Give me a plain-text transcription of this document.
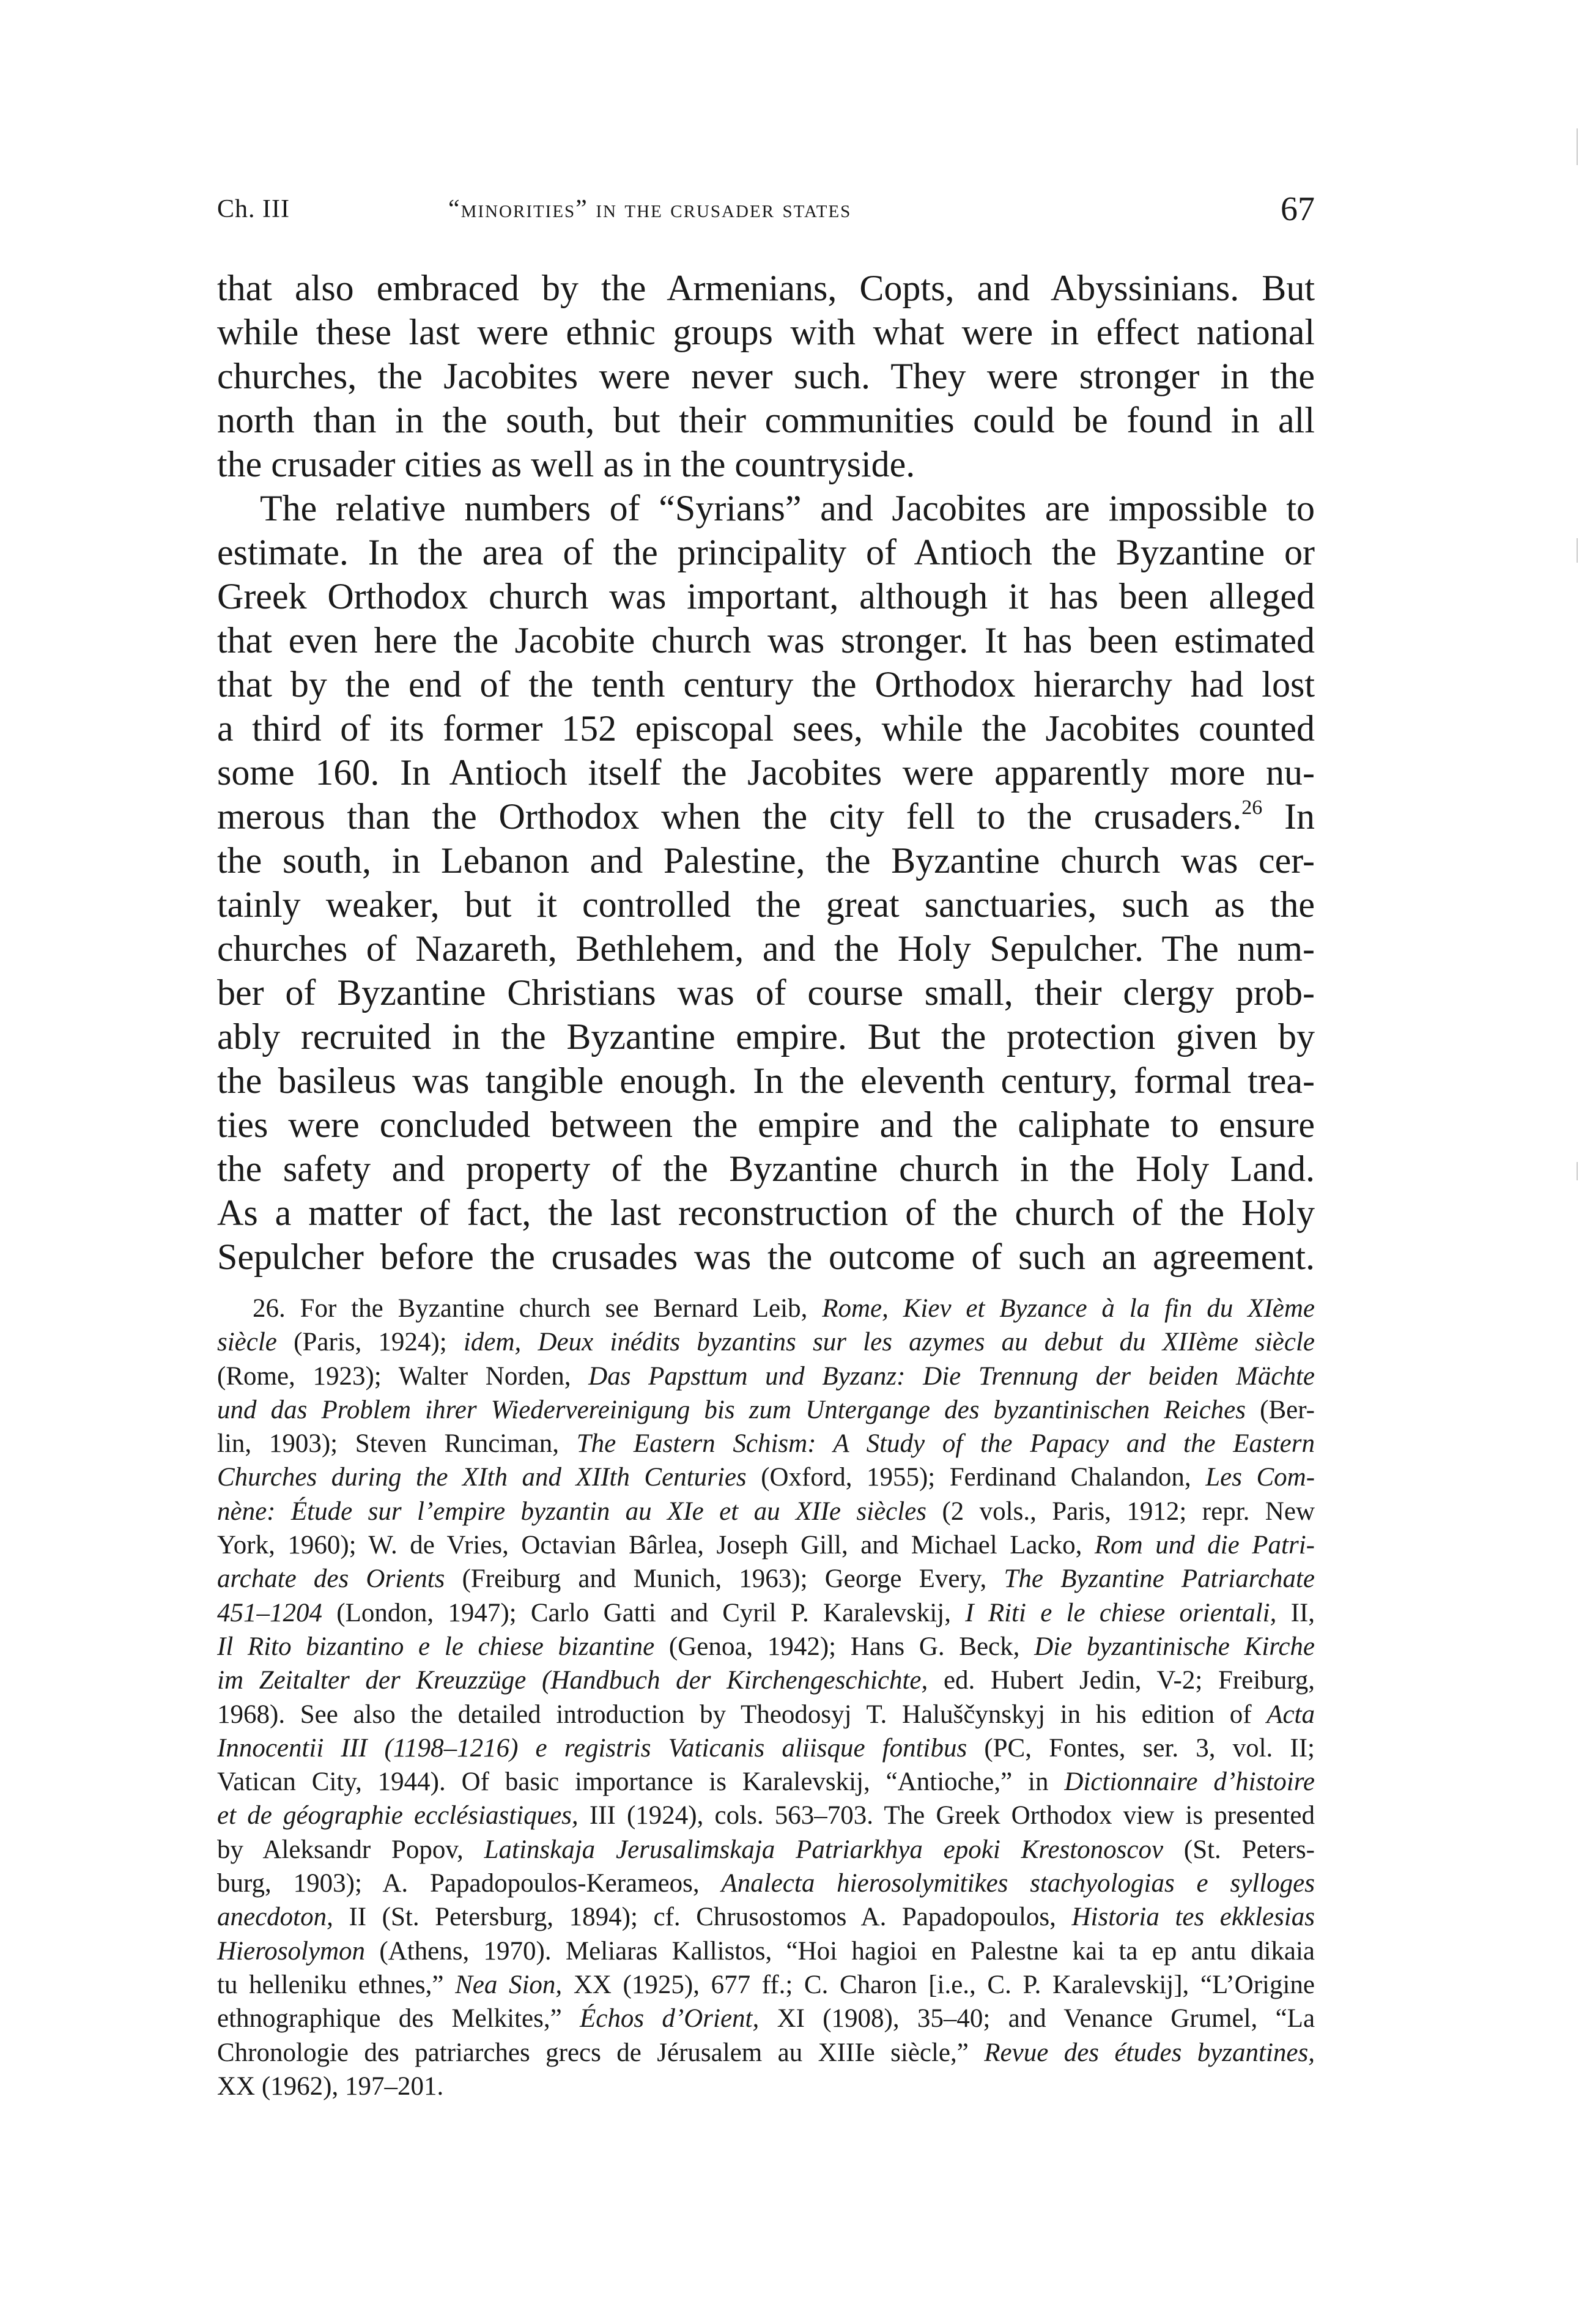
Ch. III	“minorities” in the crusader states	67
that also embraced by the Armenians, Copts, and Abyssinians. But
while these last were ethnic groups with what were in effect national
churches, the Jacobites were never such. They were stronger in the
north than in the south, but their communities could be found in all
the crusader cities as well as in the countryside.
The relative numbers of “Syrians” and Jacobites are impossible to
estimate. In the area of the principality of Antioch the Byzantine or
Greek Orthodox church was important, although it has been alleged
that even here the Jacobite church was stronger. It has been estimated
that by the end of the tenth century the Orthodox hierarchy had lost
a third of its former 152 episcopal sees, while the Jacobites counted
some 160. In Antioch itself the Jacobites were apparently more nu-
merous than the Orthodox when the city fell to the crusaders.$^{26}$ In
the south, in Lebanon and Palestine, the Byzantine church was cer-
tainly weaker, but it controlled the great sanctuaries, such as the
churches of Nazareth, Bethlehem, and the Holy Sepulcher. The num-
ber of Byzantine Christians was of course small, their clergy prob-
ably recruited in the Byzantine empire. But the protection given by
the basileus was tangible enough. In the eleventh century, formal trea-
ties were concluded between the empire and the caliphate to ensure
the safety and property of the Byzantine church in the Holy Land.
As a matter of fact, the last reconstruction of the church of the Holy
Sepulcher before the crusades was the outcome of such an agreement.
26. For the Byzantine church see Bernard Leib, Rome, Kiev et Byzance à la fin du XIème
siècle (Paris, 1924); idem, Deux inédits byzantins sur les azymes au debut du XIIème siècle
(Rome, 1923); Walter Norden, Das Papsttum und Byzanz: Die Trennung der beiden Mächte
und das Problem ihrer Wiedervereinigung bis zum Untergange des byzantinischen Reiches (Ber-
lin, 1903); Steven Runciman, The Eastern Schism: A Study of the Papacy and the Eastern
Churches during the XIth and XIIth Centuries (Oxford, 1955); Ferdinand Chalandon, Les Com-
nène: Étude sur l’empire byzantin au XIe et au XIIe siècles (2 vols., Paris, 1912; repr. New
York, 1960); W. de Vries, Octavian Bârlea, Joseph Gill, and Michael Lacko, Rom und die Patri-
archate des Orients (Freiburg and Munich, 1963); George Every, The Byzantine Patriarchate
451–1204 (London, 1947); Carlo Gatti and Cyril P. Karalevskij, I Riti e le chiese orientali, II,
Il Rito bizantino e le chiese bizantine (Genoa, 1942); Hans G. Beck, Die byzantinische Kirche
im Zeitalter der Kreuzzüge (Handbuch der Kirchengeschichte, ed. Hubert Jedin, V-2; Freiburg,
1968). See also the detailed introduction by Theodosyj T. Haluščynskyj in his edition of Acta
Innocentii III (1198–1216) e registris Vaticanis aliisque fontibus (PC, Fontes, ser. 3, vol. II;
Vatican City, 1944). Of basic importance is Karalevskij, “Antioche,” in Dictionnaire d’histoire
et de géographie ecclésiastiques, III (1924), cols. 563–703. The Greek Orthodox view is presented
by Aleksandr Popov, Latinskaja Jerusalimskaja Patriarkhya epoki Krestonoscov (St. Peters-
burg, 1903); A. Papadopoulos-Kerameos, Analecta hierosolymitikes stachyologias e sylloges
anecdoton, II (St. Petersburg, 1894); cf. Chrusostomos A. Papadopoulos, Historia tes ekklesias
Hierosolymon (Athens, 1970). Meliaras Kallistos, “Hoi hagioi en Palestne kai ta ep antu dikaia
tu helleniku ethnes,” Nea Sion, XX (1925), 677 ff.; C. Charon [i.e., C. P. Karalevskij], “L’Origine
ethnographique des Melkites,” Échos d’Orient, XI (1908), 35–40; and Venance Grumel, “La
Chronologie des patriarches grecs de Jérusalem au XIIIe siècle,” Revue des études byzantines,
XX (1962), 197–201.
